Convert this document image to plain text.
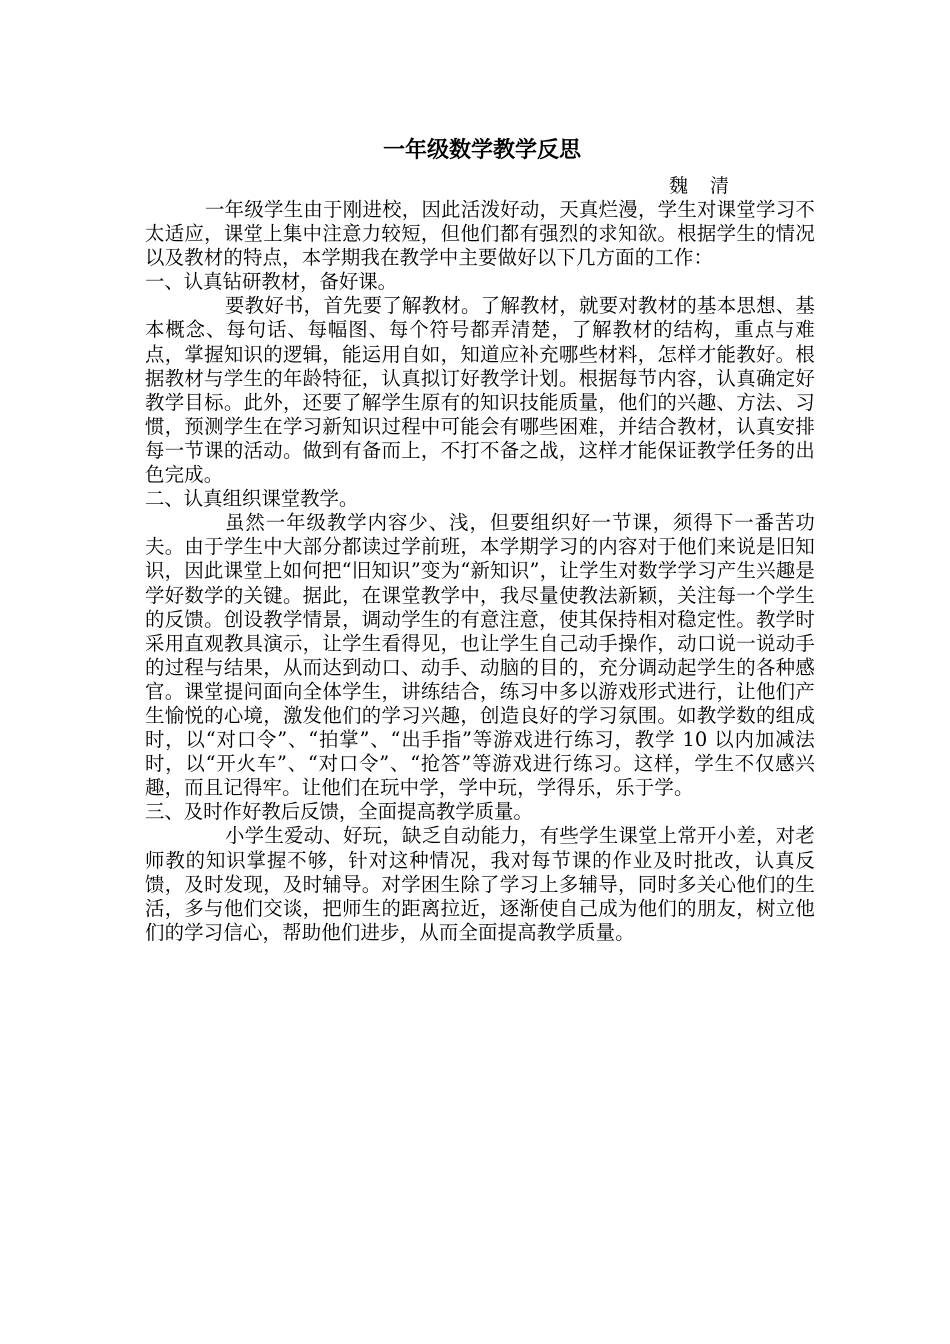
一年级数学教学反思
魏 清

一年级学生由于刚进校，因此活泼好动，天真烂漫，学生对课堂学习不太适应，课堂上集中注意力较短，但他们都有强烈的求知欲。根据学生的情况以及教材的特点，本学期我在教学中主要做好以下几方面的工作：

一、认真钻研教材，备好课。

要教好书，首先要了解教材。了解教材，就要对教材的基本思想、基本概念、每句话、每幅图、每个符号都弄清楚，了解教材的结构，重点与难点，掌握知识的逻辑，能运用自如，知道应补充哪些材料，怎样才能教好。根据教材与学生的年龄特征，认真拟订好教学计划。根据每节内容，认真确定好教学目标。此外，还要了解学生原有的知识技能质量，他们的兴趣、方法、习惯，预测学生在学习新知识过程中可能会有哪些困难，并结合教材，认真安排每一节课的活动。做到有备而上，不打不备之战，这样才能保证教学任务的出色完成。

二、认真组织课堂教学。

虽然一年级教学内容少、浅，但要组织好一节课，须得下一番苦功夫。由于学生中大部分都读过学前班，本学期学习的内容对于他们来说是旧知识，因此课堂上如何把“旧知识”变为“新知识”，让学生对数学学习产生兴趣是学好数学的关键。据此，在课堂教学中，我尽量使教法新颖，关注每一个学生的反馈。创设教学情景，调动学生的有意注意，使其保持相对稳定性。教学时采用直观教具演示，让学生看得见，也让学生自己动手操作，动口说一说动手的过程与结果，从而达到动口、动手、动脑的目的，充分调动起学生的各种感官。课堂提问面向全体学生，讲练结合，练习中多以游戏形式进行，让他们产生愉悦的心境，激发他们的学习兴趣，创造良好的学习氛围。如教学数的组成时，以“对口令”、“拍掌”、“出手指”等游戏进行练习，教学 10 以内加减法时，以“开火车”、“对口令”、“抢答”等游戏进行练习。这样，学生不仅感兴趣，而且记得牢。让他们在玩中学，学中玩，学得乐，乐于学。

三、及时作好教后反馈，全面提高教学质量。

小学生爱动、好玩，缺乏自动能力，有些学生课堂上常开小差，对老师教的知识掌握不够，针对这种情况，我对每节课的作业及时批改，认真反馈，及时发现，及时辅导。对学困生除了学习上多辅导，同时多关心他们的生活，多与他们交谈，把师生的距离拉近，逐渐使自己成为他们的朋友，树立他们的学习信心，帮助他们进步，从而全面提高教学质量。
